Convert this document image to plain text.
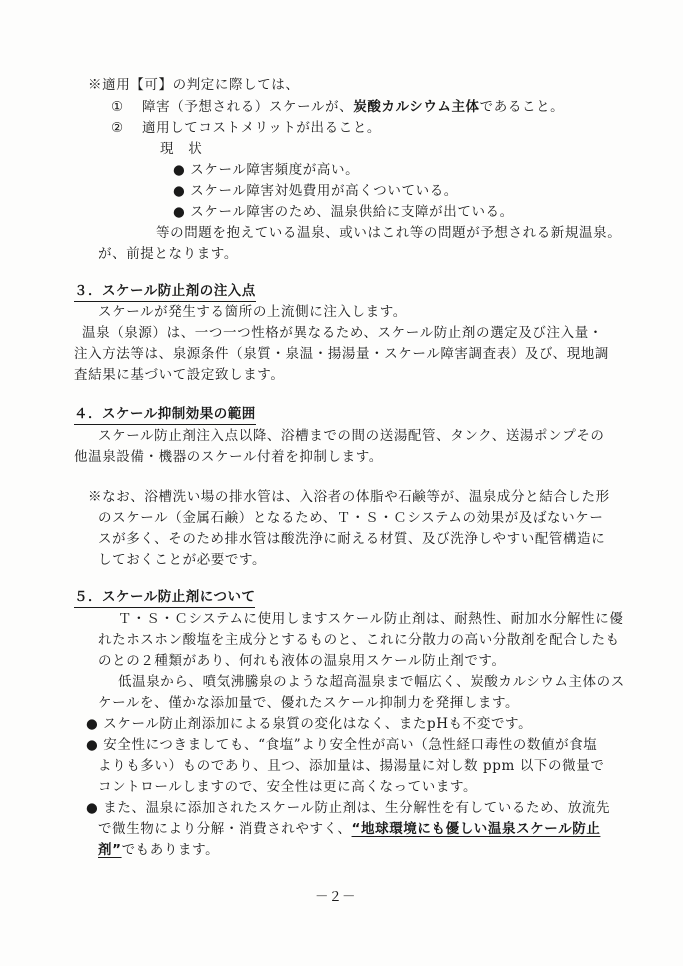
※適用【可】の判定に際しては、
① 障害（予想される）スケールが、炭酸カルシウム主体であること。
② 適用してコストメリットが出ること。
現　状
● スケール障害頻度が高い。
● スケール障害対処費用が高くついている。
● スケール障害のため、温泉供給に支障が出ている。
等の問題を抱えている温泉、或いはこれ等の問題が予想される新規温泉。
が、前提となります。
３．スケール防止剤の注入点
スケールが発生する箇所の上流側に注入します。
温泉（泉源）は、一つ一つ性格が異なるため、スケール防止剤の選定及び注入量・
注入方法等は、泉源条件（泉質・泉温・揚湯量・スケール障害調査表）及び、現地調
査結果に基づいて設定致します。
４．スケール抑制効果の範囲
スケール防止剤注入点以降、浴槽までの間の送湯配管、タンク、送湯ポンプその
他温泉設備・機器のスケール付着を抑制します。
※なお、浴槽洗い場の排水管は、入浴者の体脂や石鹸等が、温泉成分と結合した形
のスケール（金属石鹸）となるため、Ｔ・Ｓ・Ｃシステムの効果が及ばないケー
スが多く、そのため排水管は酸洗浄に耐える材質、及び洗浄しやすい配管構造に
しておくことが必要です。
５．スケール防止剤について
Ｔ・Ｓ・Ｃシステムに使用しますスケール防止剤は、耐熱性、耐加水分解性に優
れたホスホン酸塩を主成分とするものと、これに分散力の高い分散剤を配合したも
のとの２種類があり、何れも液体の温泉用スケール防止剤です。
低温泉から、噴気沸騰泉のような超高温泉まで幅広く、炭酸カルシウム主体のス
ケールを、僅かな添加量で、優れたスケール抑制力を発揮します。
● スケール防止剤添加による泉質の変化はなく、またpHも不変です。
● 安全性につきましても、“食塩”より安全性が高い（急性経口毒性の数値が食塩
よりも多い）ものであり、且つ、添加量は、揚湯量に対し数 ppm 以下の微量で
コントロールしますので、安全性は更に高くなっています。
● また、温泉に添加されたスケール防止剤は、生分解性を有しているため、放流先
で微生物により分解・消費されやすく、“地球環境にも優しい温泉スケール防止
剤”でもあります。
－２－
